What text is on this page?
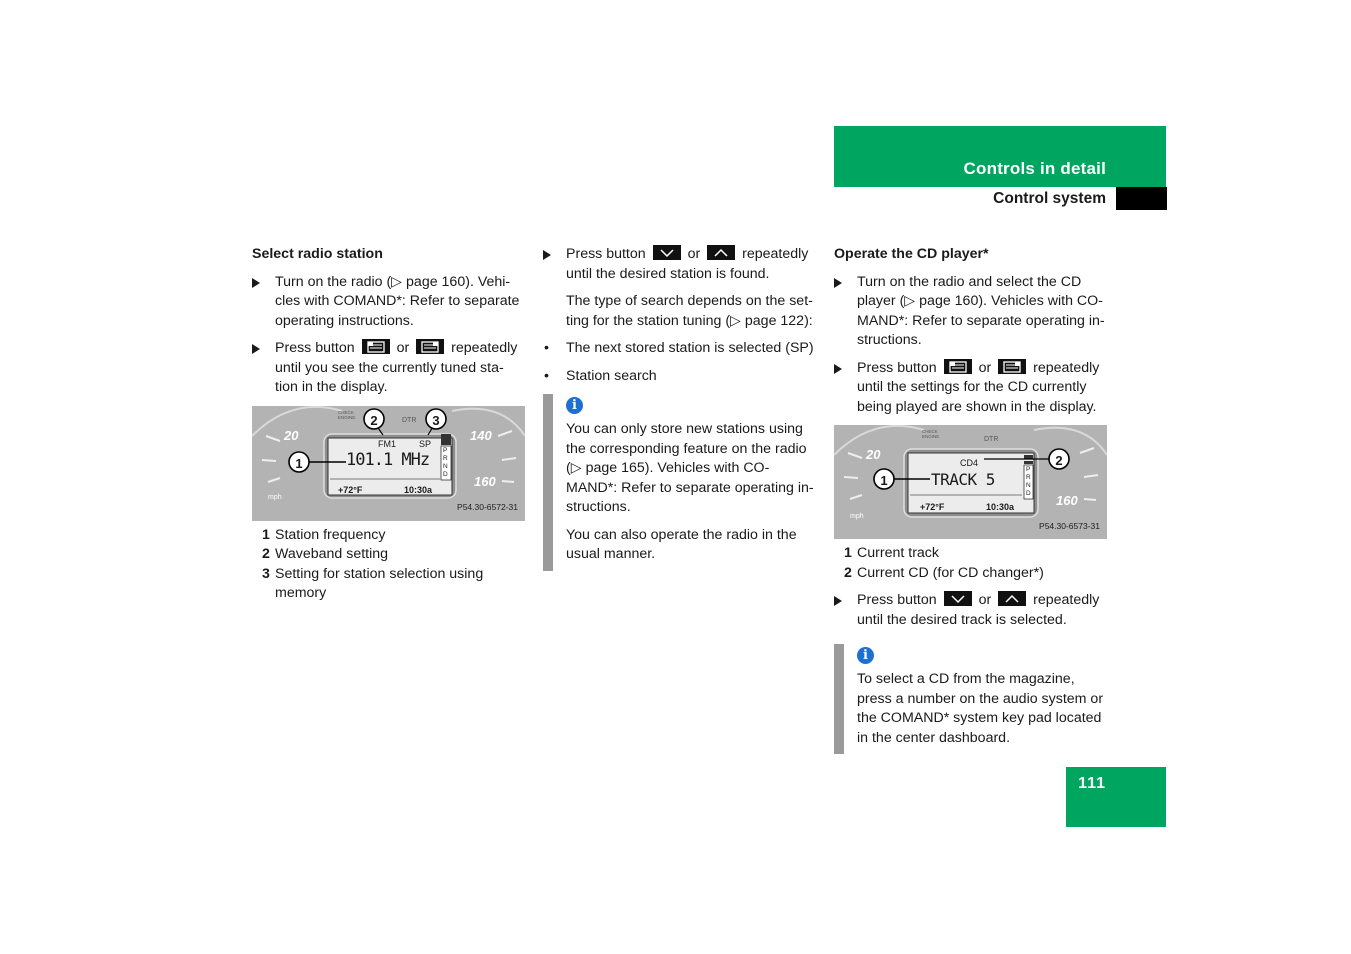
Controls in detail
Control system
Select radio station
Turn on the radio (▷ page 160). Vehi-cles with COMAND*: Refer to separate operating instructions.
Press button	or	repeatedly until you see the currently tuned sta-tion in the display.
20	140
160
mph
CHECK ENGINE	DTR
FM1	SP
101.1 MHz
+72°F	10:30a
PRND
2	3
1
P54.30-6572-31
1 Station frequency
2 Waveband setting
3 Setting for station selection using memory
Press button	or	repeatedly until the desired station is found.
The type of search depends on the set-ting for the station tuning (▷ page 122):
• The next stored station is selected (SP)
• Station search
i
You can only store new stations using the corresponding feature on the radio (▷ page 165). Vehicles with CO-MAND*: Refer to separate operating in-structions.
You can also operate the radio in the usual manner.
Operate the CD player*
Turn on the radio and select the CD player (▷ page 160). Vehicles with CO-MAND*: Refer to separate operating in-structions.
Press button	or	repeatedly until the settings for the CD currently being played are shown in the display.
20
160
mph
CHECK ENGINE	DTR
CD4
TRACK 5
+72°F	10:30a
PRND
1
2
P54.30-6573-31
1 Current track
2 Current CD (for CD changer*)
Press button	or	repeatedly until the desired track is selected.
i
To select a CD from the magazine, press a number on the audio system or the COMAND* system key pad located in the center dashboard.
111
